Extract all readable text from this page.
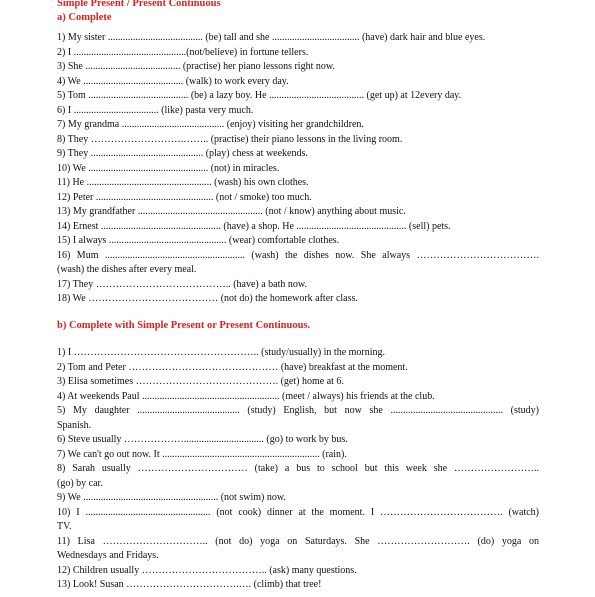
Simple Present / Present Continuous
a) Complete
1) My sister ...................................... (be) tall and she ................................... (have) dark hair and blue eyes.
2) I .............................................(not/believe) in fortune tellers.
3) She ...................................... (practise) her piano lessons right now.
4) We ........................................ (walk) to work every day.
5) Tom ........................................ (be) a lazy boy. He ...................................... (get up) at 12every day.
6) I .................................. (like) pasta very much.
7) My grandma ......................................... (enjoy) visiting her grandchildren.
8) They ……………………….…….. (practise) their piano lessons in the living room.
9) They ............................................. (play) chess at weekends.
10) We ................................................ (not) in miracles.
11) He .................................................. (wash) his own clothes.
12) Peter ............................................... (not / smoke) too much.
13) My grandfather .................................................. (not / know) anything about music.
14) Ernest ................................................ (have) a shop. He ............................................ (sell) pets.
15) I always ............................................... (wear) comfortable clothes.
16) Mum ........................................................ (wash) the dishes now. She always ……………………………….
(wash) the dishes after every meal.
17) They ………………………………….. (have) a bath now.
18) We ………………………………… (not do) the homework after class.
b) Complete with Simple Present or Present Continuous.
1) I ……………………………………………….. (study/usually) in the morning.
2) Tom and Peter ……………………………………… (have) breakfast at the moment.
3) Elisa sometimes ……………………………………. (get) home at 6.
4) At weekends Paul ....................................................... (meet / always) his friends at the club.
5) My daughter ......................................... (study) English, but now she ............................................. (study)
Spanish.
6) Steve usually ………………................................ (go) to work by bus.
7) We can't go out now. It ............................................................... (rain).
8) Sarah usually …………………………… (take) a bus to school but this week she ……………………..
(go) by car.
9) We ...................................................... (not swim) now.
10) I .................................................. (not cook) dinner at the moment. I ………………………………. (watch)
TV.
11) Lisa ………………………….. (not do) yoga on Saturdays. She ………………………. (do) yoga on
Wednesdays and Fridays.
12) Children usually ……………………………….. (ask) many questions.
13) Look! Susan …………………………….…. (climb) that tree!
